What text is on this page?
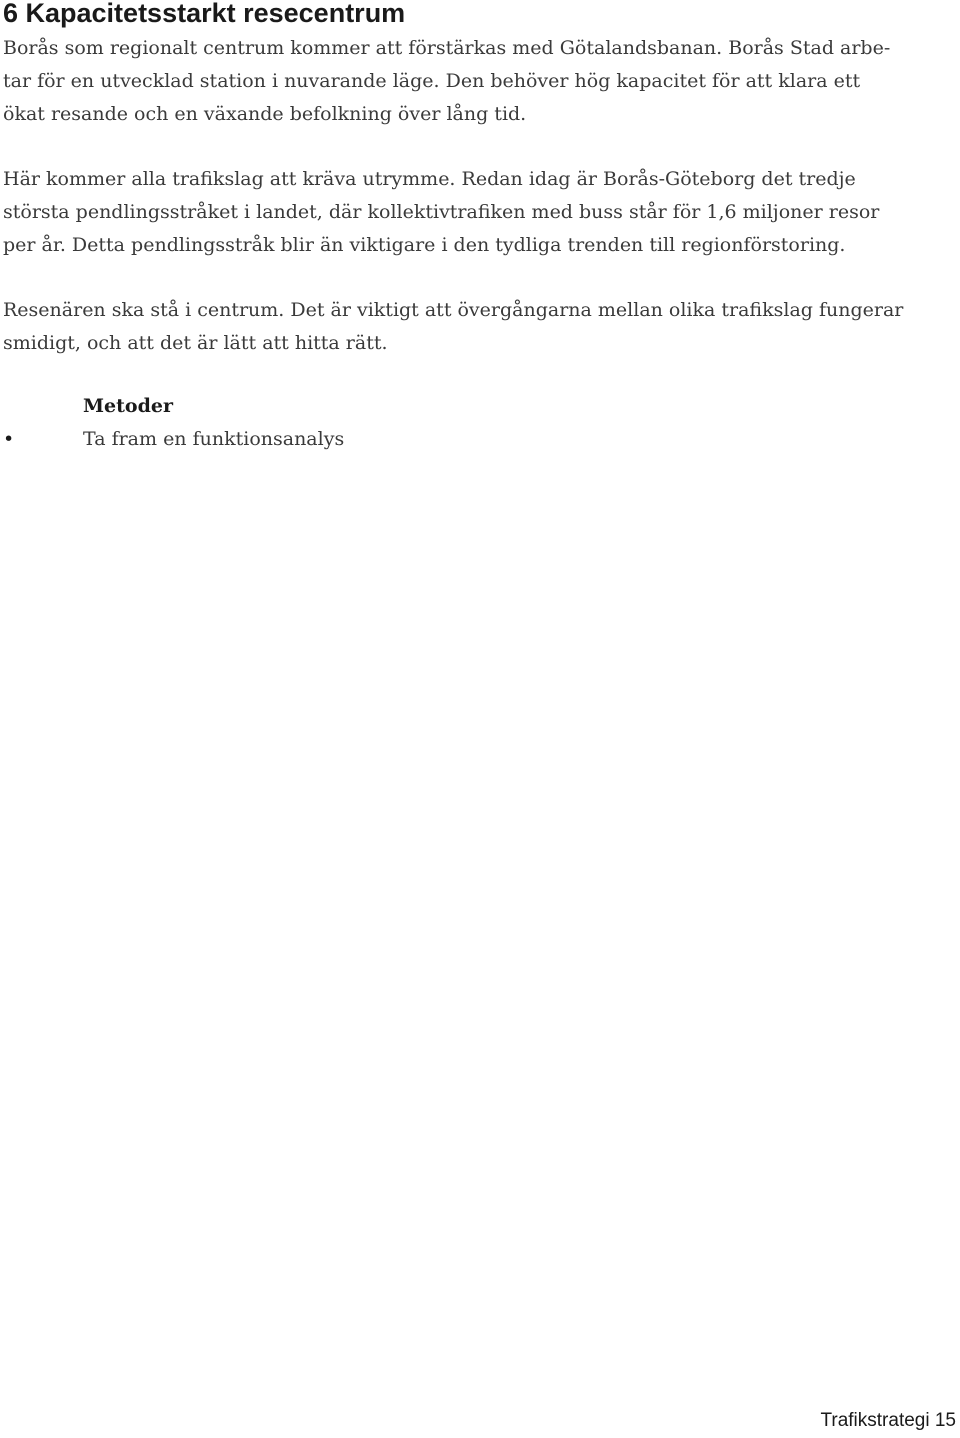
6 Kapacitetsstarkt resecentrum

Borås som regionalt centrum kommer att förstärkas med Götalandsbanan. Borås Stad arbe-
tar för en utvecklad station i nuvarande läge. Den behöver hög kapacitet för att klara ett
ökat resande och en växande befolkning över lång tid.

Här kommer alla trafikslag att kräva utrymme. Redan idag är Borås-Göteborg det tredje
största pendlingsstråket i landet, där kollektivtrafiken med buss står för 1,6 miljoner resor
per år. Detta pendlingsstråk blir än viktigare i den tydliga trenden till regionförstoring.

Resenären ska stå i centrum. Det är viktigt att övergångarna mellan olika trafikslag fungerar
smidigt, och att det är lätt att hitta rätt.

Metoder
•	Ta fram en funktionsanalys
Trafikstrategi 15
